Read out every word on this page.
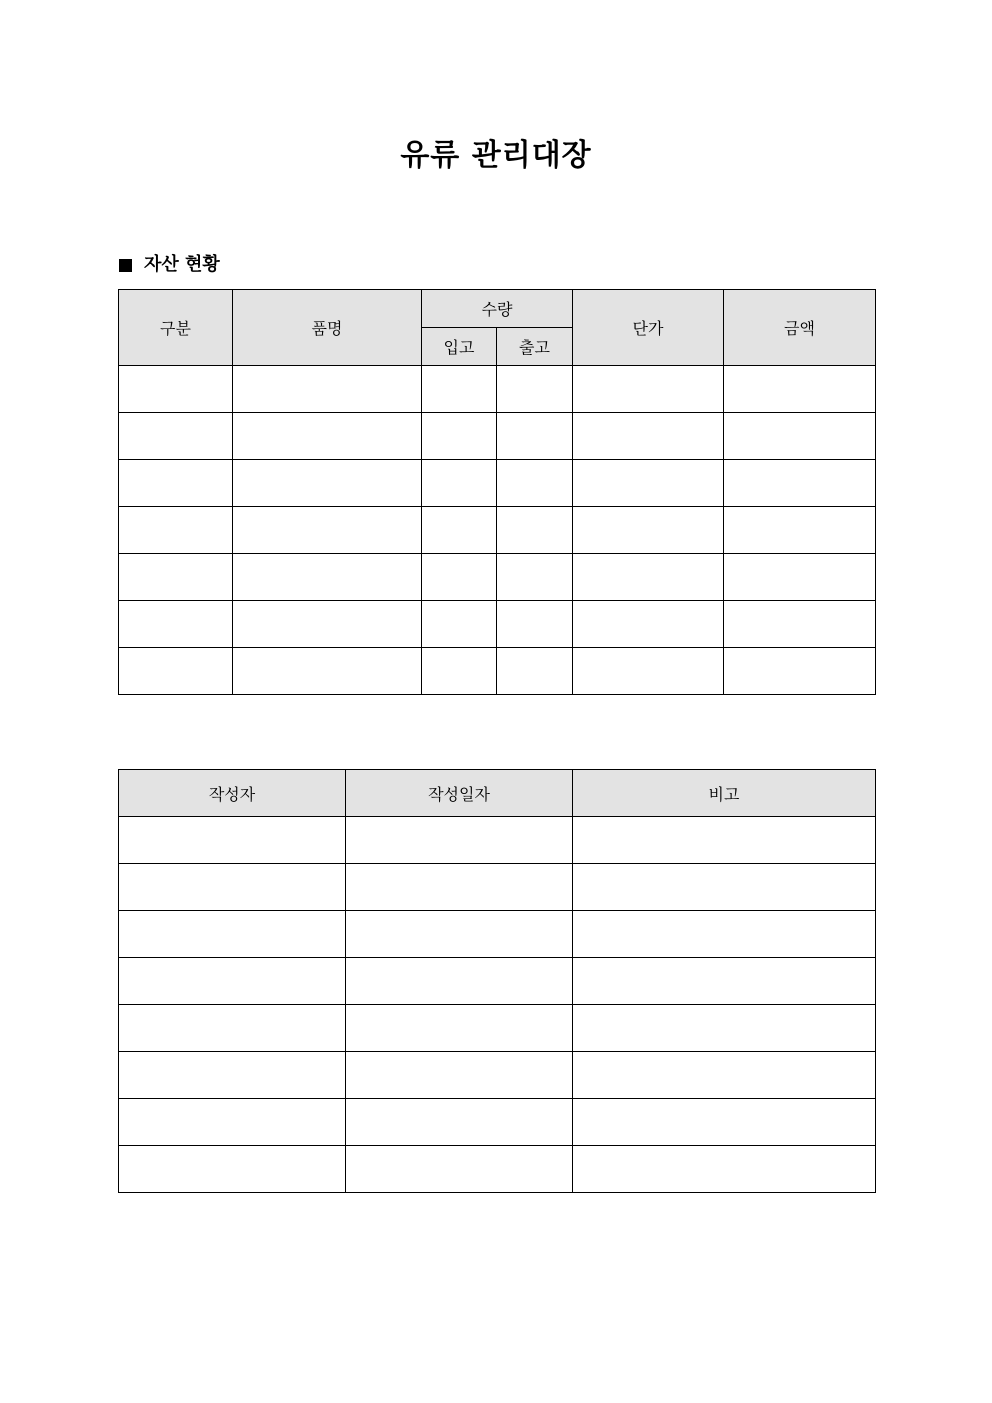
유류 관리대장
자산 현황
구분	품명	수량		단가	금액
		입고	출고		

작성자	작성일자	비고
